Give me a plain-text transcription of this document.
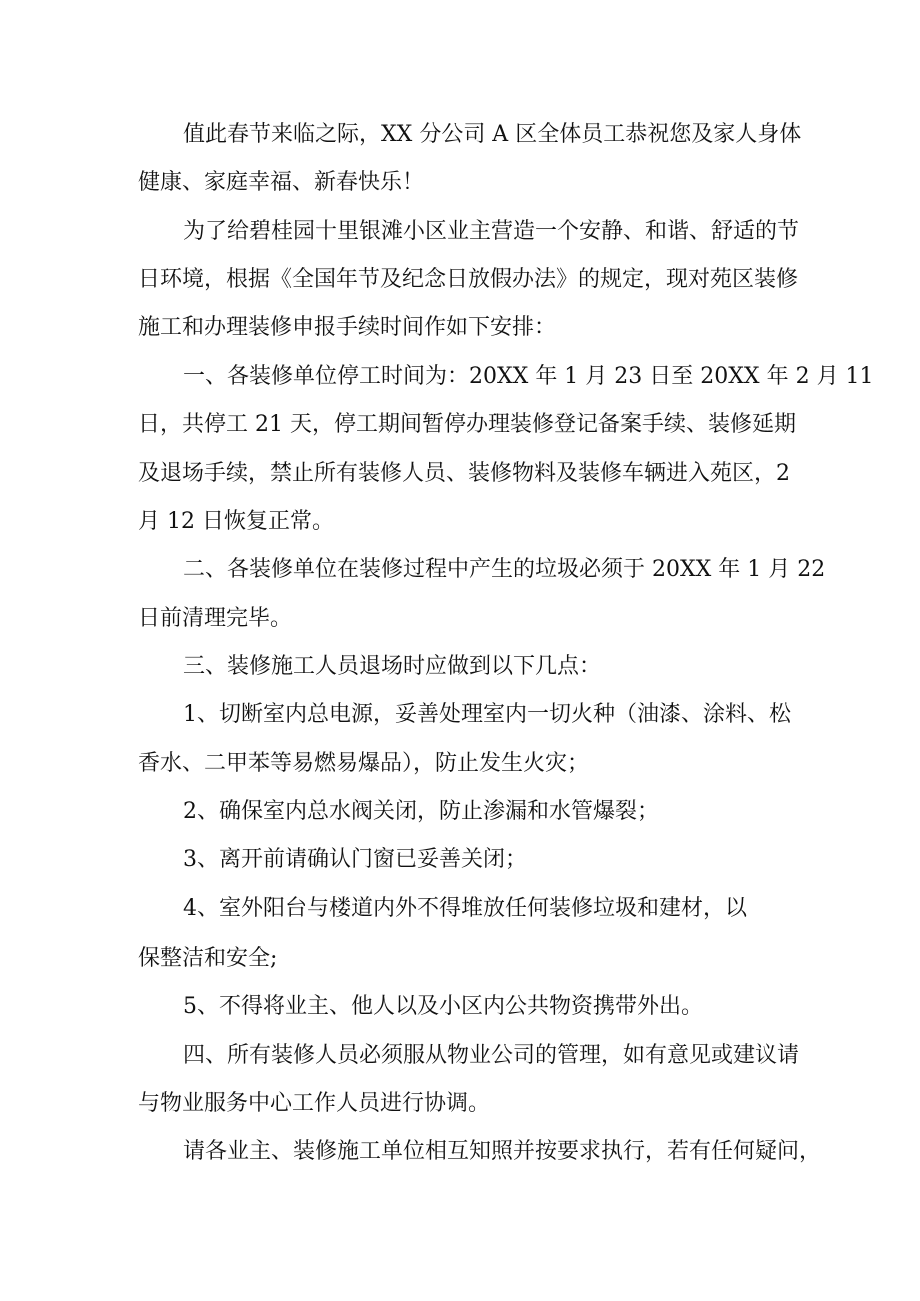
值此春节来临之际，XX 分公司 A 区全体员工恭祝您及家人身体
健康、家庭幸福、新春快乐！
为了给碧桂园十里银滩小区业主营造一个安静、和谐、舒适的节
日环境，根据《全国年节及纪念日放假办法》的规定，现对苑区装修
施工和办理装修申报手续时间作如下安排：
一、各装修单位停工时间为：20XX 年 1 月 23 日至 20XX 年 2 月 11
日，共停工 21 天，停工期间暂停办理装修登记备案手续、装修延期
及退场手续，禁止所有装修人员、装修物料及装修车辆进入苑区，2
月 12 日恢复正常。
二、各装修单位在装修过程中产生的垃圾必须于 20XX 年 1 月 22
日前清理完毕。
三、装修施工人员退场时应做到以下几点：
1、切断室内总电源，妥善处理室内一切火种（油漆、涂料、松
香水、二甲苯等易燃易爆品），防止发生火灾；
2、确保室内总水阀关闭，防止渗漏和水管爆裂；
3、离开前请确认门窗已妥善关闭；
4、室外阳台与楼道内外不得堆放任何装修垃圾和建材，以
保整洁和安全;
5、不得将业主、他人以及小区内公共物资携带外出。
四、所有装修人员必须服从物业公司的管理，如有意见或建议请
与物业服务中心工作人员进行协调。
请各业主、装修施工单位相互知照并按要求执行，若有任何疑问，
